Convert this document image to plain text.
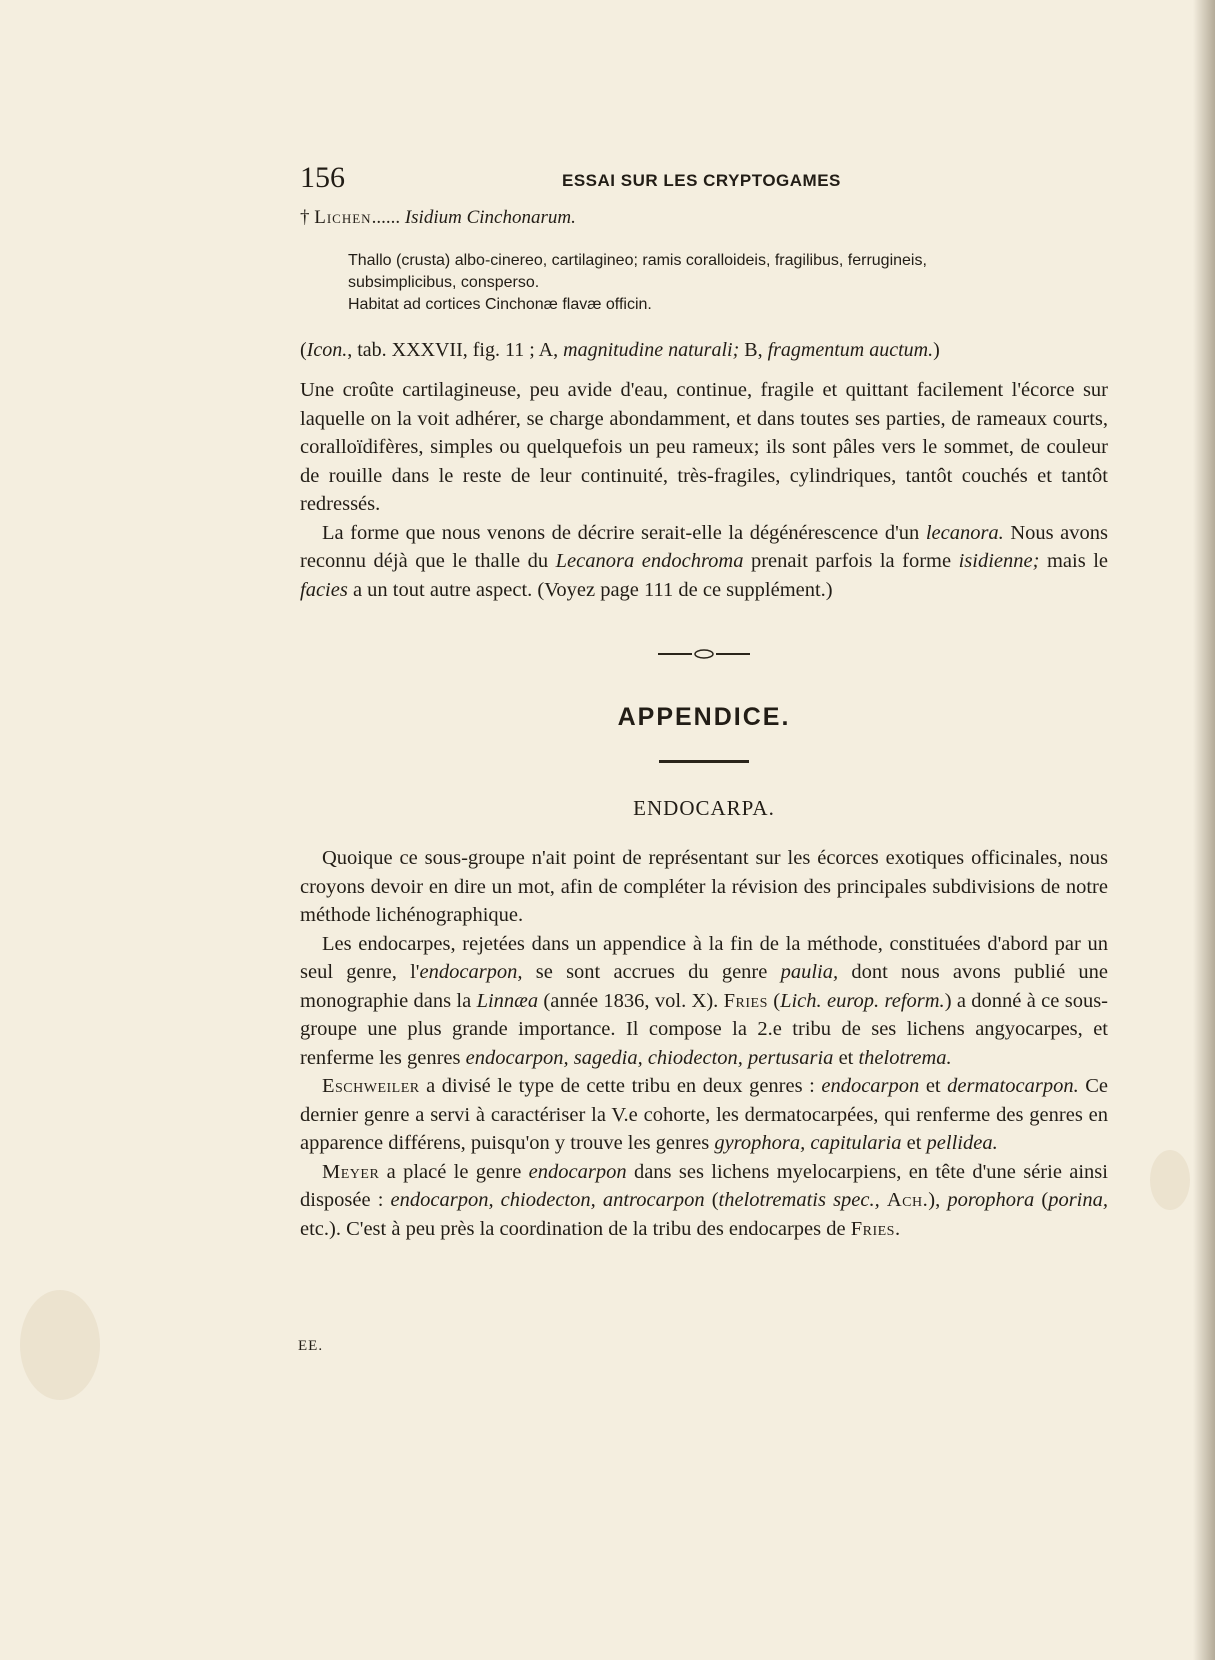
156	ESSAI SUR LES CRYPTOGAMES
† Lichen...... Isidium Cinchonarum.

Thallo (crusta) albo-cinereo, cartilagineo; ramis coralloideis, fragilibus, ferrugineis,

subsimplicibus, consperso.

Habitat ad cortices Cinchonæ flavæ officin.

(Icon., tab. XXXVII, fig. 11 ; A, magnitudine naturali; B, fragmentum auctum.)

Une croûte cartilagineuse, peu avide d'eau, continue, fragile et quittant facilement l'écorce sur laquelle on la voit adhérer, se charge abondamment, et dans toutes ses parties, de rameaux courts, coralloïdifères, simples ou quelquefois un peu rameux; ils sont pâles vers le sommet, de couleur de rouille dans le reste de leur continuité, très-fragiles, cylindriques, tantôt couchés et tantôt redressés.

La forme que nous venons de décrire serait-elle la dégénérescence d'un lecanora. Nous avons reconnu déjà que le thalle du Lecanora endochroma prenait parfois la forme isidienne; mais le facies a un tout autre aspect. (Voyez page 111 de ce supplément.)

APPENDICE.
ENDOCARPA.

Quoique ce sous-groupe n'ait point de représentant sur les écorces exotiques officinales, nous croyons devoir en dire un mot, afin de compléter la révision des principales subdivisions de notre méthode lichénographique.

Les endocarpes, rejetées dans un appendice à la fin de la méthode, constituées d'abord par un seul genre, l'endocarpon, se sont accrues du genre paulia, dont nous avons publié une monographie dans la Linnæa (année 1836, vol. X). Fries (Lich. europ. reform.) a donné à ce sous-groupe une plus grande importance. Il compose la 2.e tribu de ses lichens angyocarpes, et renferme les genres endocarpon, sagedia, chiodecton, pertusaria et thelotrema.

Eschweiler a divisé le type de cette tribu en deux genres : endocarpon et dermatocarpon. Ce dernier genre a servi à caractériser la V.e cohorte, les dermatocarpées, qui renferme des genres en apparence différens, puisqu'on y trouve les genres gyrophora, capitularia et pellidea.

Meyer a placé le genre endocarpon dans ses lichens myelocarpiens, en tête d'une série ainsi disposée : endocarpon, chiodecton, antrocarpon (thelotrematis spec., Ach.), porophora (porina, etc.). C'est à peu près la coordination de la tribu des endocarpes de Fries.

EE.
